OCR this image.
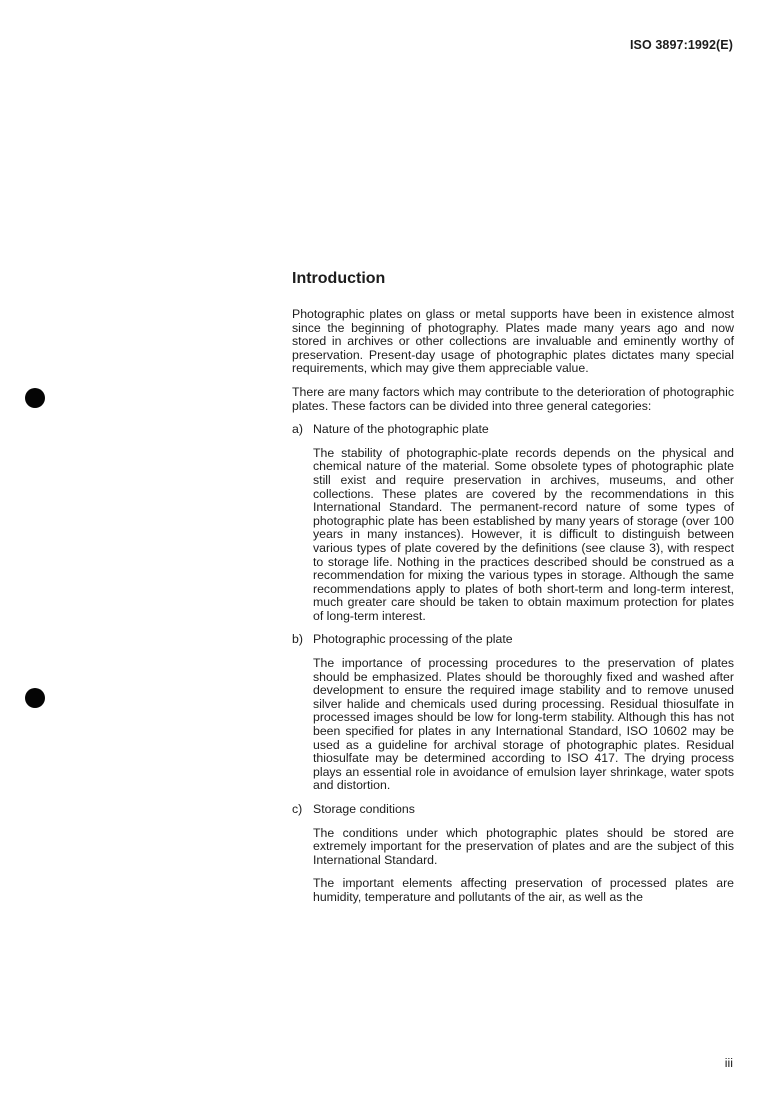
ISO 3897:1992(E)
Introduction

Photographic plates on glass or metal supports have been in existence almost since the beginning of photography. Plates made many years ago and now stored in archives or other collections are invaluable and eminently worthy of preservation. Present-day usage of photographic plates dictates many special requirements, which may give them appreciable value.

There are many factors which may contribute to the deterioration of photographic plates. These factors can be divided into three general categories:

a) Nature of the photographic plate

The stability of photographic-plate records depends on the physical and chemical nature of the material. Some obsolete types of photographic plate still exist and require preservation in archives, museums, and other collections. These plates are covered by the recommendations in this International Standard. The permanent-record nature of some types of photographic plate has been established by many years of storage (over 100 years in many instances). However, it is difficult to distinguish between various types of plate covered by the definitions (see clause 3), with respect to storage life. Nothing in the practices described should be construed as a recommendation for mixing the various types in storage. Although the same recommendations apply to plates of both short-term and long-term interest, much greater care should be taken to obtain maximum protection for plates of long-term interest.

b) Photographic processing of the plate

The importance of processing procedures to the preservation of plates should be emphasized. Plates should be thoroughly fixed and washed after development to ensure the required image stability and to remove unused silver halide and chemicals used during processing. Residual thiosulfate in processed images should be low for long-term stability. Although this has not been specified for plates in any International Standard, ISO 10602 may be used as a guideline for archival storage of photographic plates. Residual thiosulfate may be determined according to ISO 417. The drying process plays an essential role in avoidance of emulsion layer shrinkage, water spots and distortion.

c) Storage conditions

The conditions under which photographic plates should be stored are extremely important for the preservation of plates and are the subject of this International Standard.

The important elements affecting preservation of processed plates are humidity, temperature and pollutants of the air, as well as the

iii
